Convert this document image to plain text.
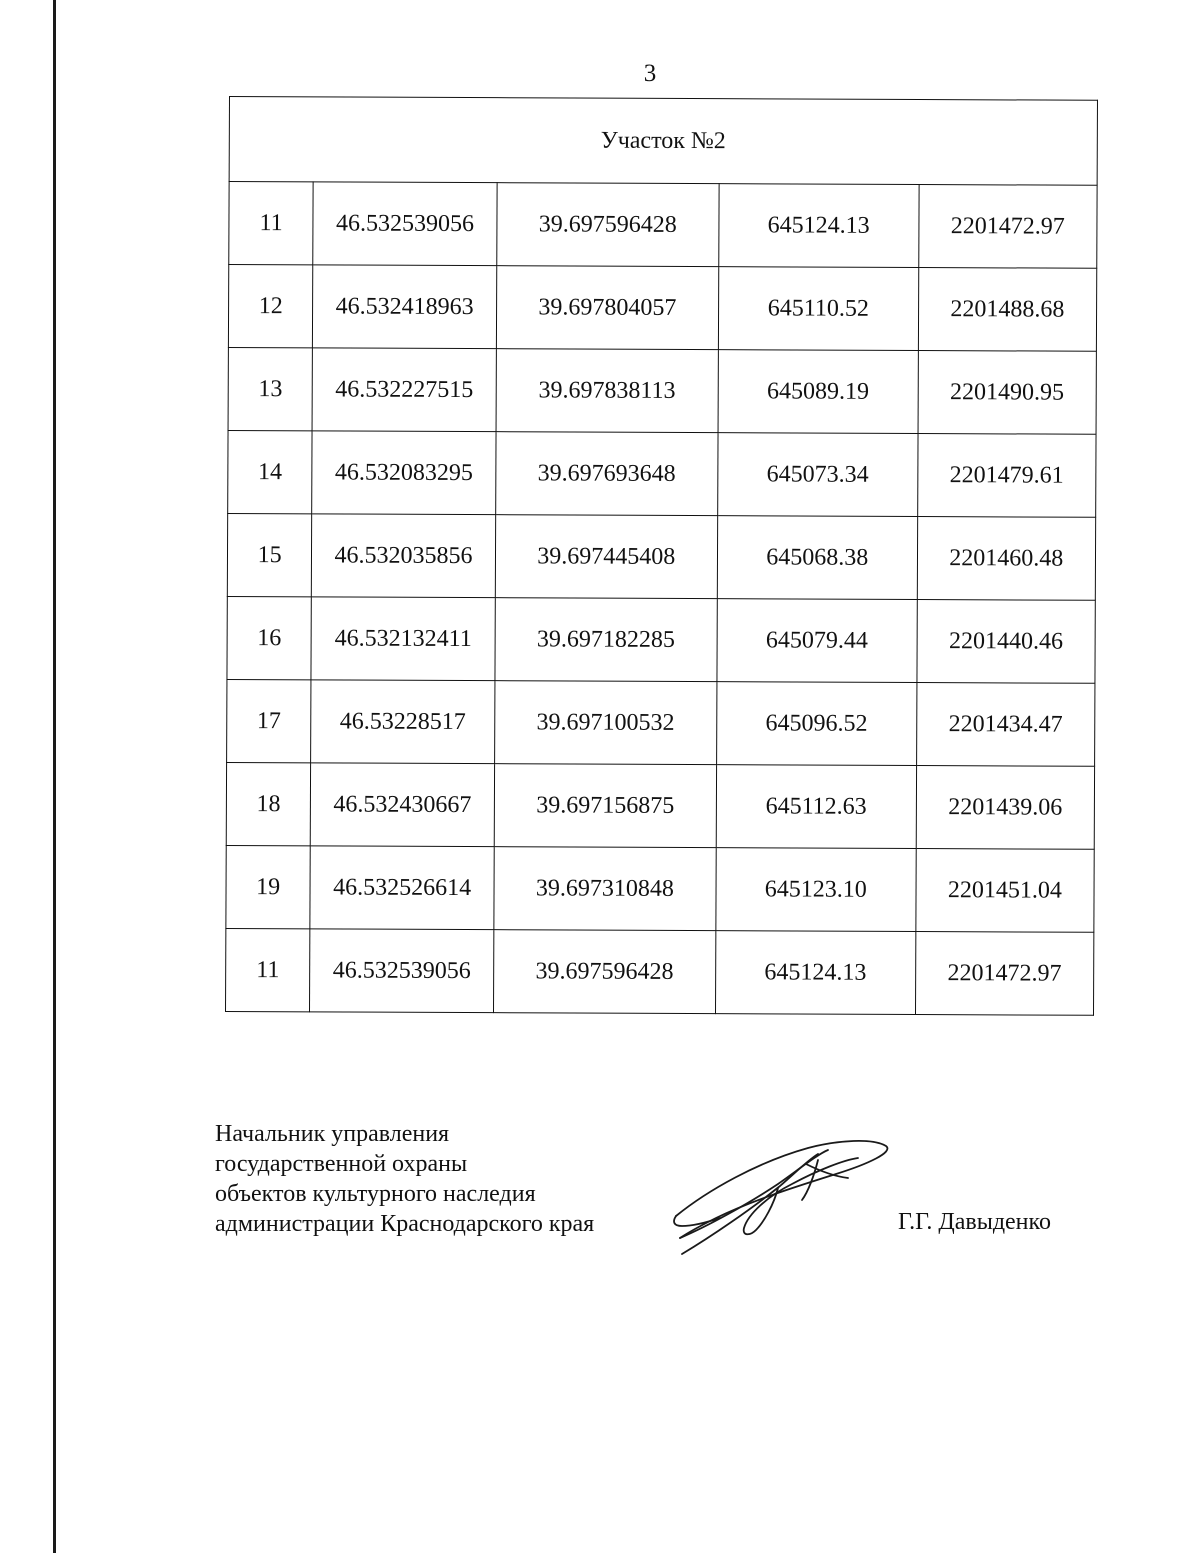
3
Участок №2				
11	46.532539056	39.697596428	645124.13	2201472.97
12	46.532418963	39.697804057	645110.52	2201488.68
13	46.532227515	39.697838113	645089.19	2201490.95
14	46.532083295	39.697693648	645073.34	2201479.61
15	46.532035856	39.697445408	645068.38	2201460.48
16	46.532132411	39.697182285	645079.44	2201440.46
17	46.53228517	39.697100532	645096.52	2201434.47
18	46.532430667	39.697156875	645112.63	2201439.06
19	46.532526614	39.697310848	645123.10	2201451.04
11	46.532539056	39.697596428	645124.13	2201472.97
Начальник управления
государственной охраны
объектов культурного наследия
администрации Краснодарского края	Г.Г. Давыденко
